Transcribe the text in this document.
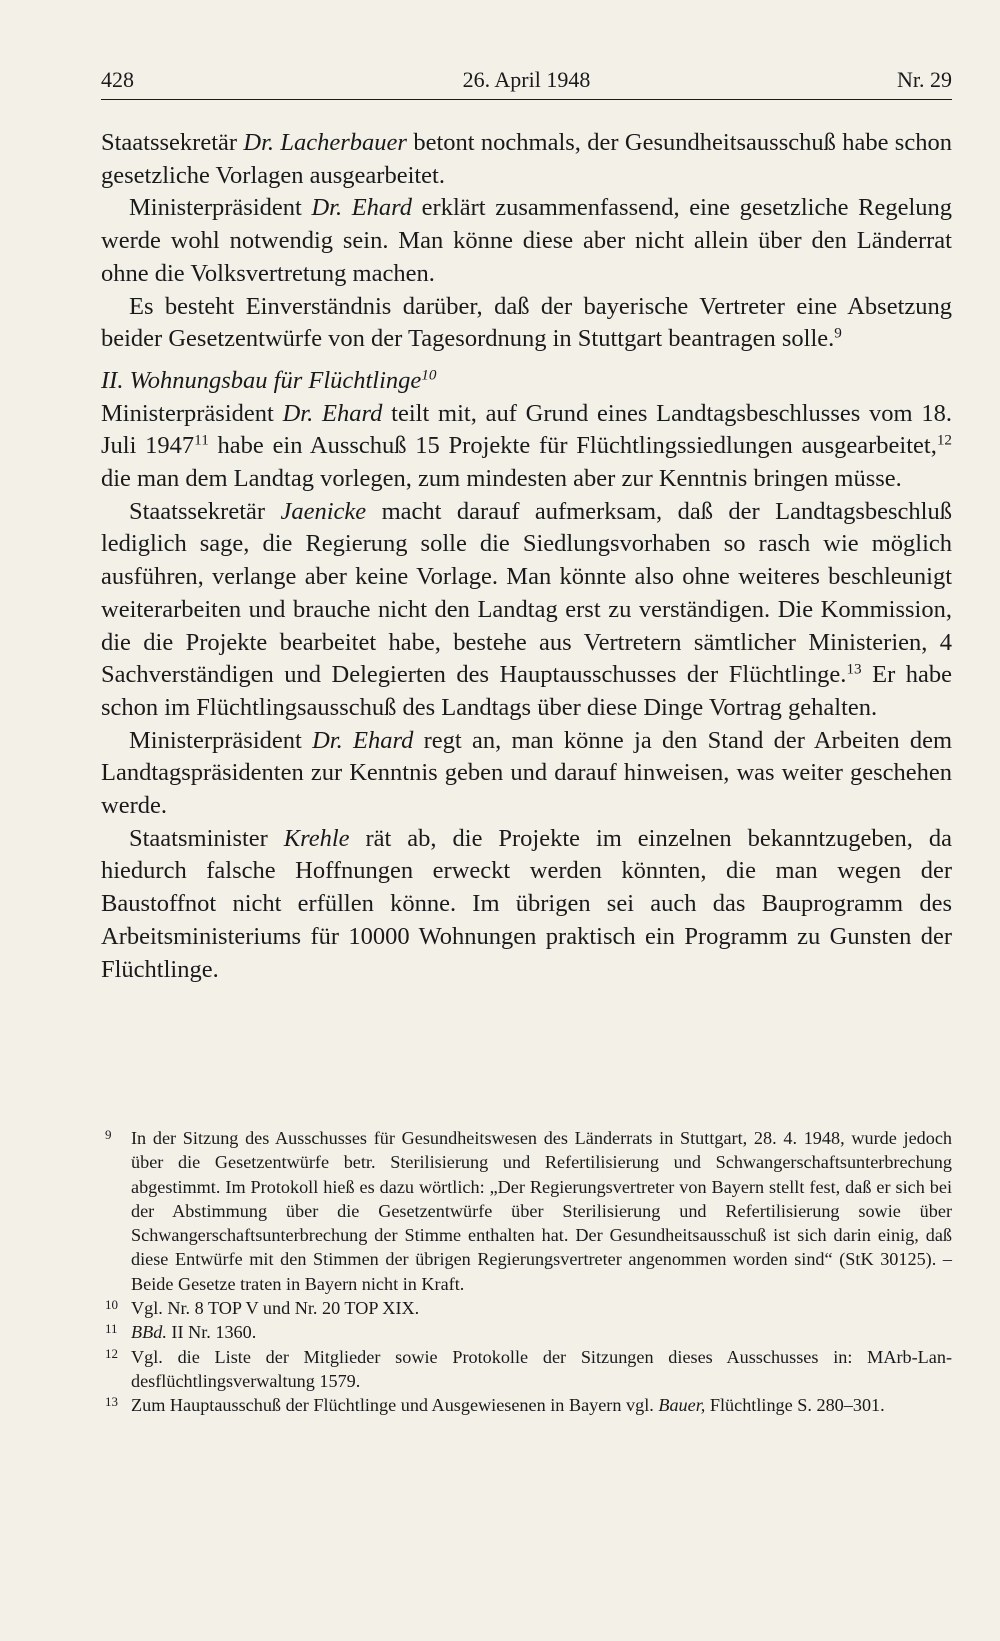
428	26. April 1948	Nr. 29

Staatssekretär Dr. Lacherbauer betont nochmals, der Gesundheitsausschuß habe schon gesetzliche Vorlagen ausgearbeitet.

Ministerpräsident Dr. Ehard erklärt zusammenfassend, eine gesetzliche Regelung werde wohl notwendig sein. Man könne diese aber nicht allein über den Länderrat ohne die Volksvertretung machen.

Es besteht Einverständnis darüber, daß der bayerische Vertreter eine Absetzung beider Gesetzentwürfe von der Tagesordnung in Stuttgart beantragen solle.$^9$

II. Wohnungsbau für Flüchtlinge$^{10}$

Ministerpräsident Dr. Ehard teilt mit, auf Grund eines Landtagsbeschlusses vom 18. Juli 1947$^{11}$ habe ein Ausschuß 15 Projekte für Flüchtlingssiedlungen ausgearbeitet,$^{12}$ die man dem Landtag vorlegen, zum mindesten aber zur Kenntnis bringen müsse.

Staatssekretär Jaenicke macht darauf aufmerksam, daß der Landtagsbeschluß lediglich sage, die Regierung solle die Siedlungsvorhaben so rasch wie möglich ausführen, verlange aber keine Vorlage. Man könnte also ohne weiteres beschleunigt weiterarbeiten und brauche nicht den Landtag erst zu verständigen. Die Kommission, die die Projekte bearbeitet habe, bestehe aus Vertretern sämtlicher Ministerien, 4 Sachverständigen und Delegierten des Hauptausschusses der Flüchtlinge.$^{13}$ Er habe schon im Flüchtlingsausschuß des Landtags über diese Dinge Vortrag gehalten.

Ministerpräsident Dr. Ehard regt an, man könne ja den Stand der Arbeiten dem Landtagspräsidenten zur Kenntnis geben und darauf hinweisen, was weiter geschehen werde.

Staatsminister Krehle rät ab, die Projekte im einzelnen bekanntzugeben, da hiedurch falsche Hoffnungen erweckt werden könnten, die man wegen der Baustoffnot nicht erfüllen könne. Im übrigen sei auch das Bauprogramm des Arbeitsministeriums für 10000 Wohnungen praktisch ein Programm zu Gunsten der Flüchtlinge.

9 In der Sitzung des Ausschusses für Gesundheitswesen des Länderrats in Stuttgart, 28. 4. 1948, wurde jedoch über die Gesetzentwürfe betr. Sterilisierung und Refertilisierung und Schwangerschaftsunterbrechung abgestimmt. Im Protokoll hieß es dazu wörtlich: „Der Regierungsvertreter von Bayern stellt fest, daß er sich bei der Abstimmung über die Gesetzentwürfe über Sterilisierung und Refertilisierung sowie über Schwangerschaftsunterbrechung der Stimme enthalten hat. Der Gesundheitsausschuß ist sich darin einig, daß diese Entwürfe mit den Stimmen der übrigen Regierungsvertreter angenommen worden sind“ (StK 30125). – Beide Gesetze traten in Bayern nicht in Kraft.
10 Vgl. Nr. 8 TOP V und Nr. 20 TOP XIX.
11 BBd. II Nr. 1360.
12 Vgl. die Liste der Mitglieder sowie Protokolle der Sitzungen dieses Ausschusses in: MArb-Landesflüchtlingsverwaltung 1579.
13 Zum Hauptausschuß der Flüchtlinge und Ausgewiesenen in Bayern vgl. Bauer, Flüchtlinge S. 280–301.
